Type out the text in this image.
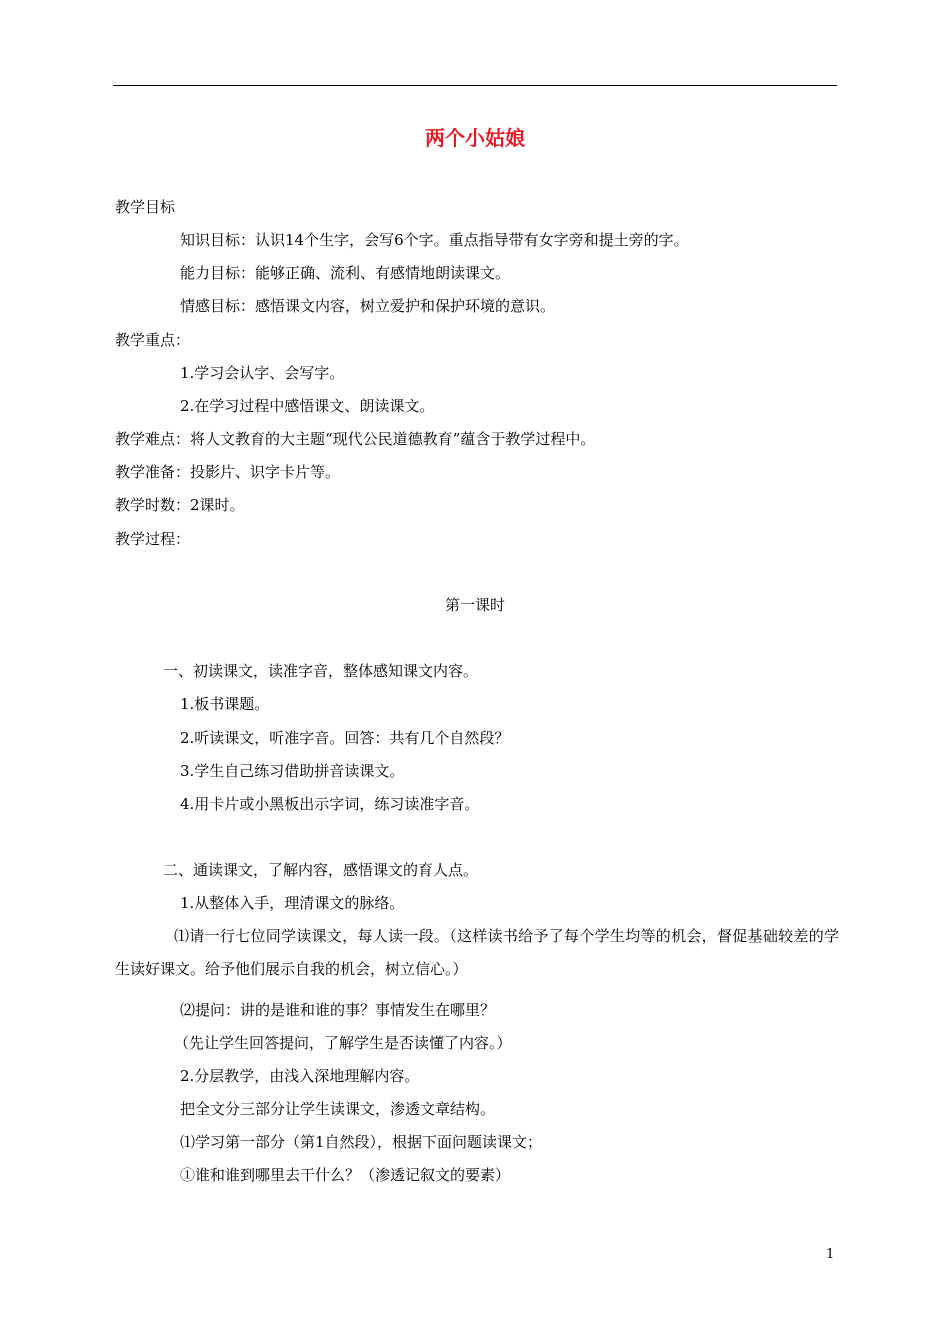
两个小姑娘
教学目标
知识目标：认识14个生字，会写6个字。重点指导带有女字旁和提土旁的字。
能力目标：能够正确、流利、有感情地朗读课文。
情感目标：感悟课文内容，树立爱护和保护环境的意识。
教学重点：
1.学习会认字、会写字。
2.在学习过程中感悟课文、朗读课文。
教学难点：将人文教育的大主题“现代公民道德教育”蕴含于教学过程中。
教学准备：投影片、识字卡片等。
教学时数：2课时。
教学过程：
第一课时
一、初读课文，读准字音，整体感知课文内容。
1.板书课题。
2.听读课文，听准字音。回答：共有几个自然段？
3.学生自己练习借助拼音读课文。
4.用卡片或小黑板出示字词，练习读准字音。
二、通读课文，了解内容，感悟课文的育人点。
1.从整体入手，理清课文的脉络。
⑴请一行七位同学读课文，每人读一段。（这样读书给予了每个学生均等的机会，督促基础较差的学生读好课文。给予他们展示自我的机会，树立信心。）
⑵提问：讲的是谁和谁的事？事情发生在哪里？
（先让学生回答提问，了解学生是否读懂了内容。）
2.分层教学，由浅入深地理解内容。
把全文分三部分让学生读课文，渗透文章结构。
⑴学习第一部分（第1自然段），根据下面问题读课文；
①谁和谁到哪里去干什么？（渗透记叙文的要素）
1
